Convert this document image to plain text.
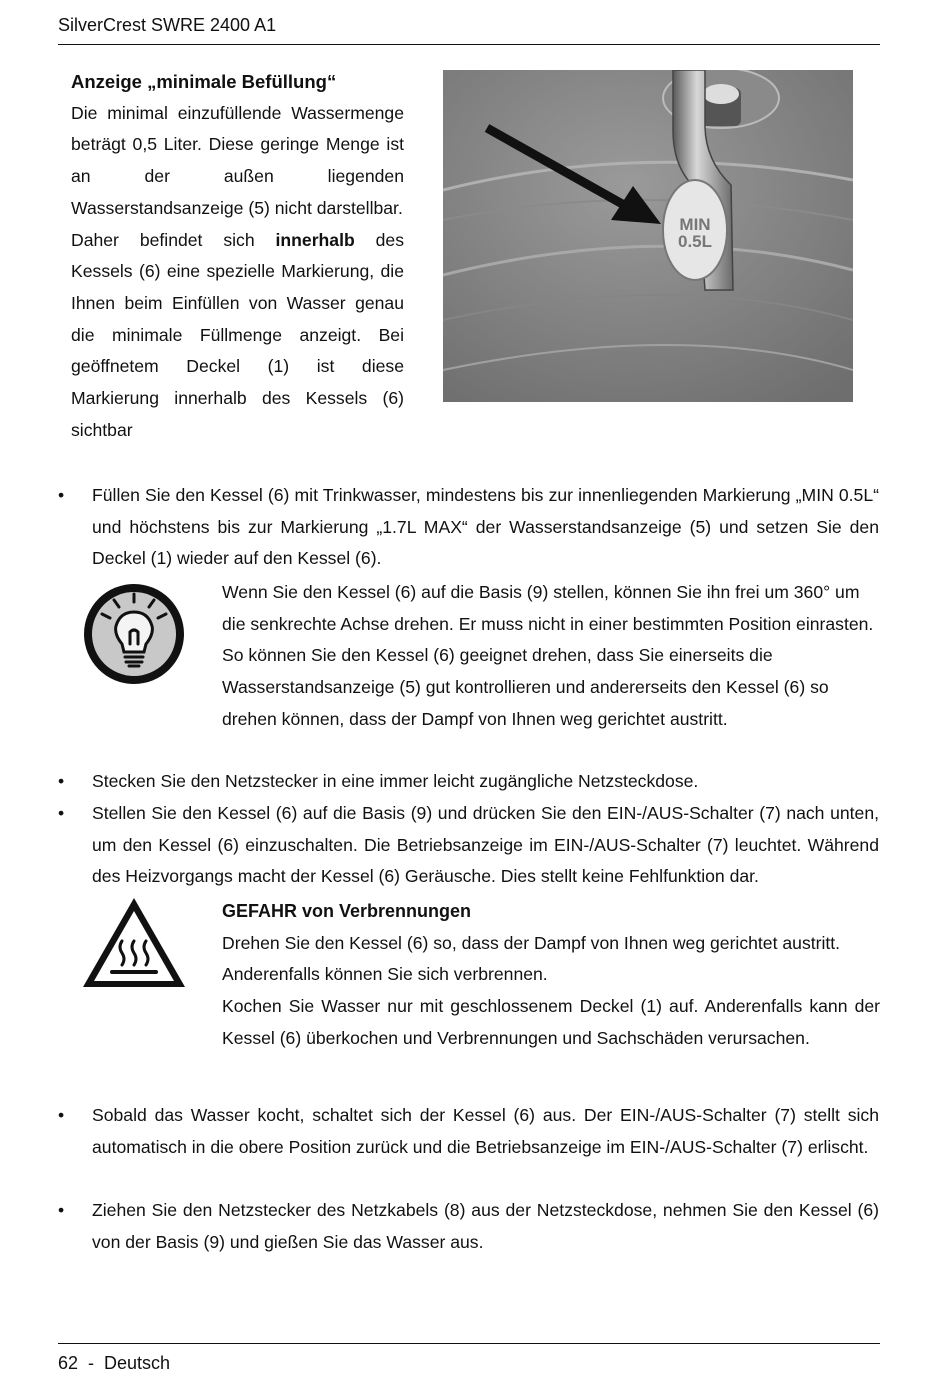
SilverCrest SWRE 2400 A1
Anzeige „minimale Befüllung“

Die minimal einzufüllende Wassermenge beträgt 0,5 Liter. Diese geringe Menge ist an der außen liegenden Wasserstandsanzeige (5) nicht darstellbar.

Daher befindet sich innerhalb des Kessels (6) eine spezielle Markierung, die Ihnen beim Einfüllen von Wasser genau die minimale Füllmenge anzeigt. Bei geöffnetem Deckel (1) ist diese Markierung innerhalb des Kessels (6) sichtbar

MIN
0.5L
• Füllen Sie den Kessel (6) mit Trinkwasser, mindestens bis zur innenliegenden Markierung „MIN 0.5L“ und höchstens bis zur Markierung „1.7L MAX“ der Wasserstandsanzeige (5) und setzen Sie den Deckel (1) wieder auf den Kessel (6).

Wenn Sie den Kessel (6) auf die Basis (9) stellen, können Sie ihn frei um 360° um die senkrechte Achse drehen. Er muss nicht in einer bestimmten Position einrasten. So können Sie den Kessel (6) geeignet drehen, dass Sie einerseits die Wasserstandsanzeige (5) gut kontrollieren und andererseits den Kessel (6) so drehen können, dass der Dampf von Ihnen weg gerichtet austritt.

• Stecken Sie den Netzstecker in eine immer leicht zugängliche Netzsteckdose.
• Stellen Sie den Kessel (6) auf die Basis (9) und drücken Sie den EIN-/AUS-Schalter (7) nach unten, um den Kessel (6) einzuschalten. Die Betriebsanzeige im EIN-/AUS-Schalter (7) leuchtet. Während des Heizvorgangs macht der Kessel (6) Geräusche. Dies stellt keine Fehlfunktion dar.
GEFAHR von Verbrennungen

Drehen Sie den Kessel (6) so, dass der Dampf von Ihnen weg gerichtet austritt. Anderenfalls können Sie sich verbrennen.

Kochen Sie Wasser nur mit geschlossenem Deckel (1) auf. Anderenfalls kann der Kessel (6) überkochen und Verbrennungen und Sachschäden verursachen.

• Sobald das Wasser kocht, schaltet sich der Kessel (6) aus. Der EIN-/AUS-Schalter (7) stellt sich automatisch in die obere Position zurück und die Betriebsanzeige im EIN-/AUS-Schalter (7) erlischt.
• Ziehen Sie den Netzstecker des Netzkabels (8) aus der Netzsteckdose, nehmen Sie den Kessel (6) von der Basis (9) und gießen Sie das Wasser aus.
62  -  Deutsch
